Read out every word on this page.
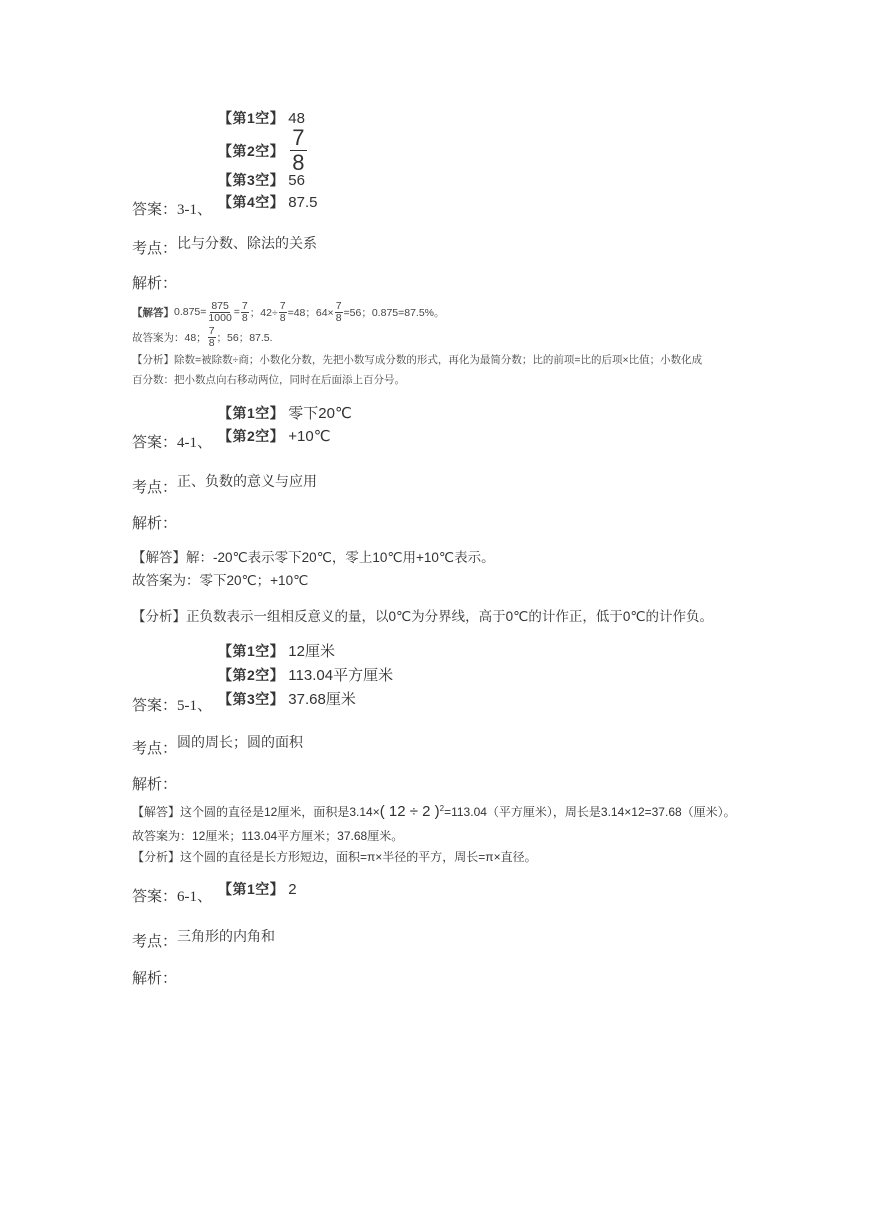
【第1空】 48
【第2空】 $\frac{7}{8}$
【第3空】 56
【第4空】 87.5
答案：3-1、
考点： 比与分数、除法的关系
解析：
【解答】 $0.875= \frac{875}{1000} = \frac{7}{8}$ ；$42\div \frac{7}{8} =48$；$64\times \frac{7}{8} =56$；0.875=87.5%。
故答案为：48； $\frac{7}{8}$ ；56；87.5.
【分析】除数=被除数÷商；小数化分数，先把小数写成分数的形式，再化为最简分数；比的前项=比的后项×比值；小数化成
百分数：把小数点向右移动两位，同时在后面添上百分号。
【第1空】 零下20℃
【第2空】 +10℃
答案：4-1、
考点： 正、负数的意义与应用
解析：
【解答】解：-20℃表示零下20℃，零上10℃用+10℃表示。
故答案为：零下20℃；+10℃
【分析】正负数表示一组相反意义的量，以0℃为分界线，高于0℃的计作正，低于0℃的计作负。
【第1空】 12厘米
【第2空】 113.04平方厘米
【第3空】 37.68厘米
答案：5-1、
考点： 圆的周长；圆的面积
解析：
【解答】这个圆的直径是12厘米，面积是3.14×( 12 ÷ 2 )$^2$=113.04（平方厘米），周长是3.14×12=37.68（厘米）。
故答案为：12厘米；113.04平方厘米；37.68厘米。
【分析】这个圆的直径是长方形短边，面积=π×半径的平方，周长=π×直径。
【第1空】 2
答案：6-1、
考点： 三角形的内角和
解析：
